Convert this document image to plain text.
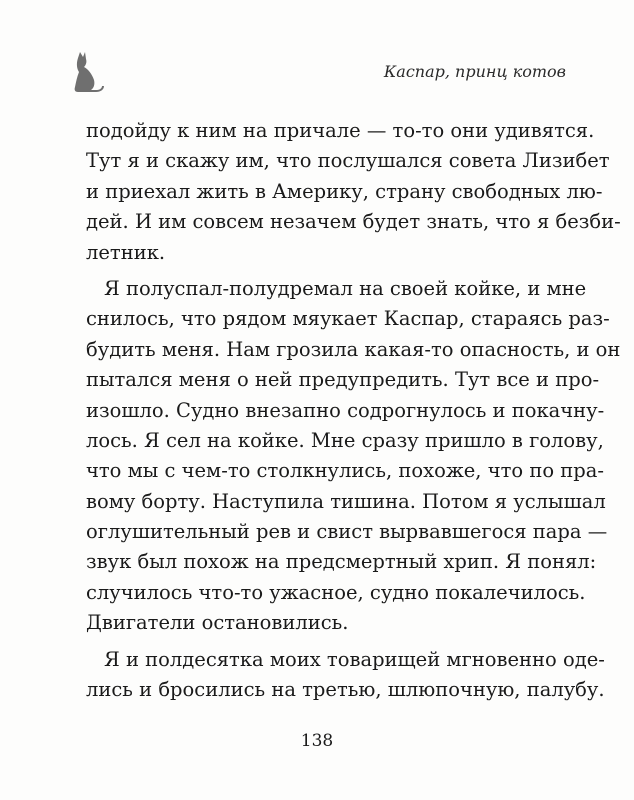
Каспар, принц котов
подойду к ним на причале — то-то они удивятся.
Тут я и скажу им, что послушался совета Лизибет
и приехал жить в Америку, страну свободных лю-
дей. И им совсем незачем будет знать, что я безби-
летник.
Я полуспал-полудремал на своей койке, и мне
снилось, что рядом мяукает Каспар, стараясь раз-
будить меня. Нам грозила какая-то опасность, и он
пытался меня о ней предупредить. Тут все и про-
изошло. Судно внезапно содрогнулось и покачну-
лось. Я сел на койке. Мне сразу пришло в голову,
что мы с чем-то столкнулись, похоже, что по пра-
вому борту. Наступила тишина. Потом я услышал
оглушительный рев и свист вырвавшегося пара —
звук был похож на предсмертный хрип. Я понял:
случилось что-то ужасное, судно покалечилось.
Двигатели остановились.
Я и полдесятка моих товарищей мгновенно оде-
лись и бросились на третью, шлюпочную, палубу.
138
